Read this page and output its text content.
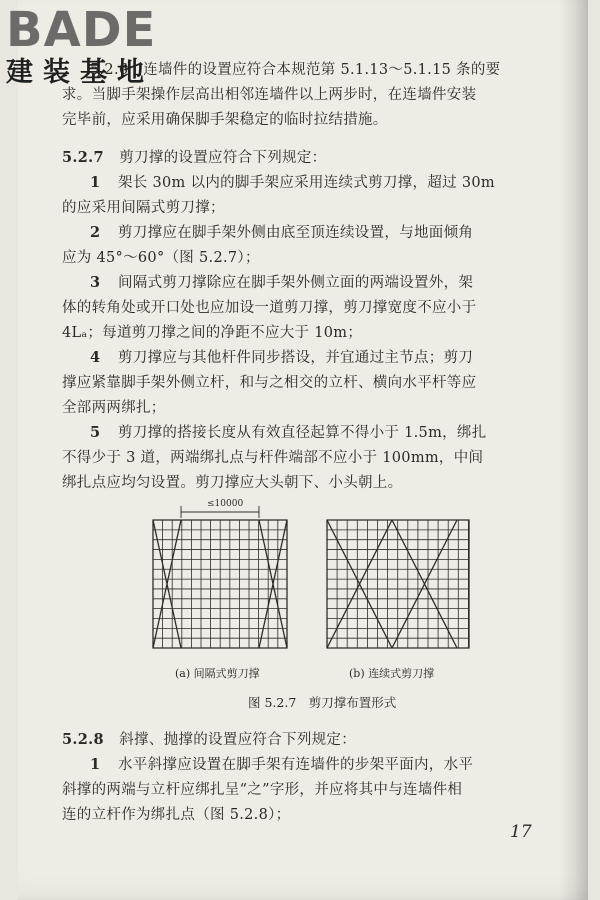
BADE
建装基地
5.2.6　连墙件的设置应符合本规范第 5.1.13～5.1.15 条的要
求。当脚手架操作层高出相邻连墙件以上两步时，在连墙件安装
完毕前，应采用确保脚手架稳定的临时拉结措施。
5.2.7 剪刀撑的设置应符合下列规定：
1 架长 30m 以内的脚手架应采用连续式剪刀撑，超过 30m
的应采用间隔式剪刀撑；
2 剪刀撑应在脚手架外侧由底至顶连续设置，与地面倾角
应为 45°～60°（图 5.2.7）；
3 间隔式剪刀撑除应在脚手架外侧立面的两端设置外，架
体的转角处或开口处也应加设一道剪刀撑，剪刀撑宽度不应小于
4Lₐ；每道剪刀撑之间的净距不应大于 10m；
4 剪刀撑应与其他杆件同步搭设，并宜通过主节点；剪刀
撑应紧靠脚手架外侧立杆，和与之相交的立杆、横向水平杆等应
全部两两绑扎；
5 剪刀撑的搭接长度从有效直径起算不得小于 1.5m，绑扎
不得少于 3 道，两端绑扎点与杆件端部不应小于 100mm，中间
绑扎点应均匀设置。剪刀撑应大头朝下、小头朝上。
≤10000
(a) 间隔式剪刀撑	(b) 连续式剪刀撑
图 5.2.7　剪刀撑布置形式
5.2.8 斜撑、抛撑的设置应符合下列规定：
1 水平斜撑应设置在脚手架有连墙件的步架平面内，水平
斜撑的两端与立杆应绑扎呈“之”字形，并应将其中与连墙件相
连的立杆作为绑扎点（图 5.2.8）；
17
